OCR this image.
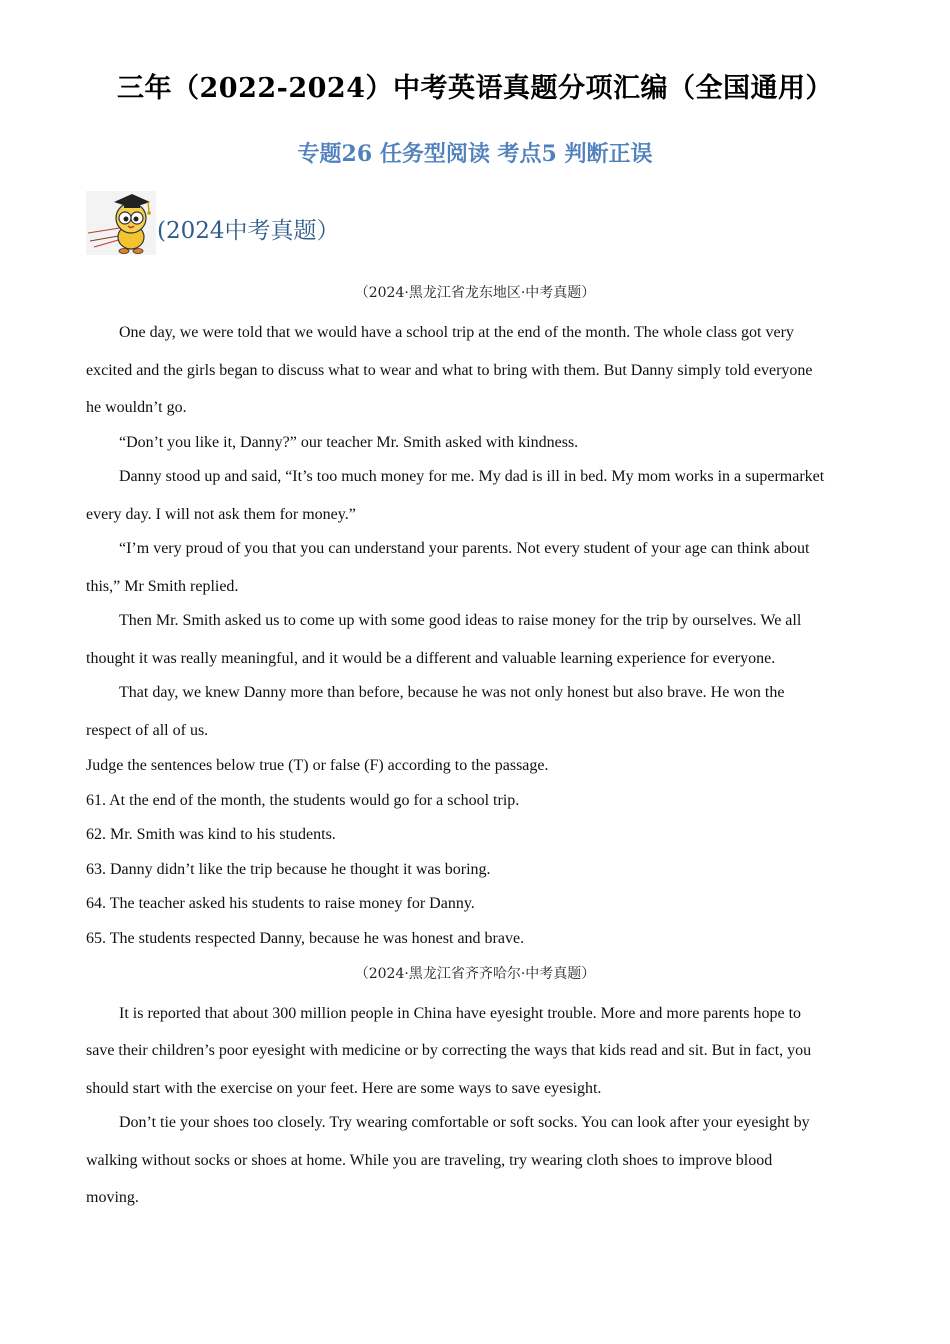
三年（2022-2024）中考英语真题分项汇编（全国通用）
专题26 任务型阅读 考点5 判断正误
(2024中考真题）
（2024·黑龙江省龙东地区·中考真题）
One day, we were told that we would have a school trip at the end of the month. The whole class got very
excited and the girls began to discuss what to wear and what to bring with them. But Danny simply told everyone
he wouldn’t go.
“Don’t you like it, Danny?” our teacher Mr. Smith asked with kindness.
Danny stood up and said, “It’s too much money for me. My dad is ill in bed. My mom works in a supermarket
every day. I will not ask them for money.”
“I’m very proud of you that you can understand your parents. Not every student of your age can think about
this,” Mr Smith replied.
Then Mr. Smith asked us to come up with some good ideas to raise money for the trip by ourselves. We all
thought it was really meaningful, and it would be a different and valuable learning experience for everyone.
That day, we knew Danny more than before, because he was not only honest but also brave. He won the
respect of all of us.
Judge the sentences below true (T) or false (F) according to the passage.
61. At the end of the month, the students would go for a school trip.
62. Mr. Smith was kind to his students.
63. Danny didn’t like the trip because he thought it was boring.
64. The teacher asked his students to raise money for Danny.
65. The students respected Danny, because he was honest and brave.
（2024·黑龙江省齐齐哈尔·中考真题）
It is reported that about 300 million people in China have eyesight trouble. More and more parents hope to
save their children’s poor eyesight with medicine or by correcting the ways that kids read and sit. But in fact, you
should start with the exercise on your feet. Here are some ways to save eyesight.
Don’t tie your shoes too closely. Try wearing comfortable or soft socks. You can look after your eyesight by
walking without socks or shoes at home. While you are traveling, try wearing cloth shoes to improve blood
moving.
